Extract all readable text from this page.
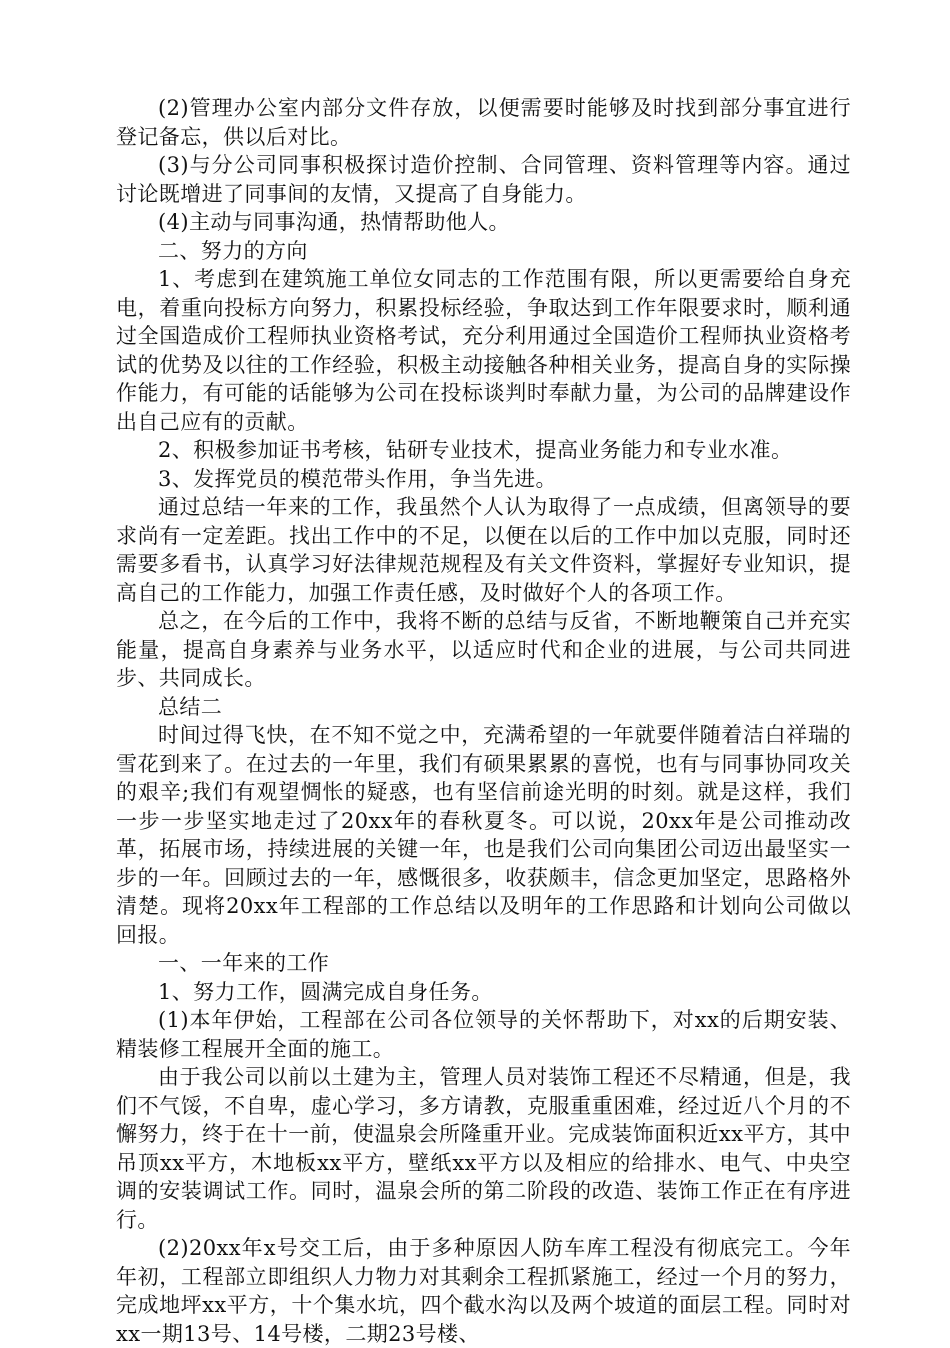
(2)管理办公室内部分文件存放，以便需要时能够及时找到部分事宜进行登记备忘，供以后对比。

(3)与分公司同事积极探讨造价控制、合同管理、资料管理等内容。通过讨论既增进了同事间的友情，又提高了自身能力。

(4)主动与同事沟通，热情帮助他人。

二、努力的方向

1、考虑到在建筑施工单位女同志的工作范围有限，所以更需要给自身充电，着重向投标方向努力，积累投标经验，争取达到工作年限要求时，顺利通过全国造成价工程师执业资格考试，充分利用通过全国造价工程师执业资格考试的优势及以往的工作经验，积极主动接触各种相关业务，提高自身的实际操作能力，有可能的话能够为公司在投标谈判时奉献力量，为公司的品牌建设作出自己应有的贡献。

2、积极参加证书考核，钻研专业技术，提高业务能力和专业水准。

3、发挥党员的模范带头作用，争当先进。

通过总结一年来的工作，我虽然个人认为取得了一点成绩，但离领导的要求尚有一定差距。找出工作中的不足，以便在以后的工作中加以克服，同时还需要多看书，认真学习好法律规范规程及有关文件资料，掌握好专业知识，提高自己的工作能力，加强工作责任感，及时做好个人的各项工作。

总之，在今后的工作中，我将不断的总结与反省，不断地鞭策自己并充实能量，提高自身素养与业务水平，以适应时代和企业的进展，与公司共同进步、共同成长。

总结二

时间过得飞快，在不知不觉之中，充满希望的一年就要伴随着洁白祥瑞的雪花到来了。在过去的一年里，我们有硕果累累的喜悦，也有与同事协同攻关的艰辛;我们有观望惆怅的疑惑，也有坚信前途光明的时刻。就是这样，我们一步一步坚实地走过了20xx年的春秋夏冬。可以说，20xx年是公司推动改革，拓展市场，持续进展的关键一年，也是我们公司向集团公司迈出最坚实一步的一年。回顾过去的一年，感慨很多，收获颇丰，信念更加坚定，思路格外清楚。现将20xx年工程部的工作总结以及明年的工作思路和计划向公司做以回报。

一、一年来的工作

1、努力工作，圆满完成自身任务。

(1)本年伊始，工程部在公司各位领导的关怀帮助下，对xx的后期安装、精装修工程展开全面的施工。

由于我公司以前以土建为主，管理人员对装饰工程还不尽精通，但是，我们不气馁，不自卑，虚心学习，多方请教，克服重重困难，经过近八个月的不懈努力，终于在十一前，使温泉会所隆重开业。完成装饰面积近xx平方，其中吊顶xx平方，木地板xx平方，壁纸xx平方以及相应的给排水、电气、中央空调的安装调试工作。同时，温泉会所的第二阶段的改造、装饰工作正在有序进行。

(2)20xx年x号交工后，由于多种原因人防车库工程没有彻底完工。今年年初，工程部立即组织人力物力对其剩余工程抓紧施工，经过一个月的努力，完成地坪xx平方，十个集水坑，四个截水沟以及两个坡道的面层工程。同时对xx一期13号、14号楼，二期23号楼、
